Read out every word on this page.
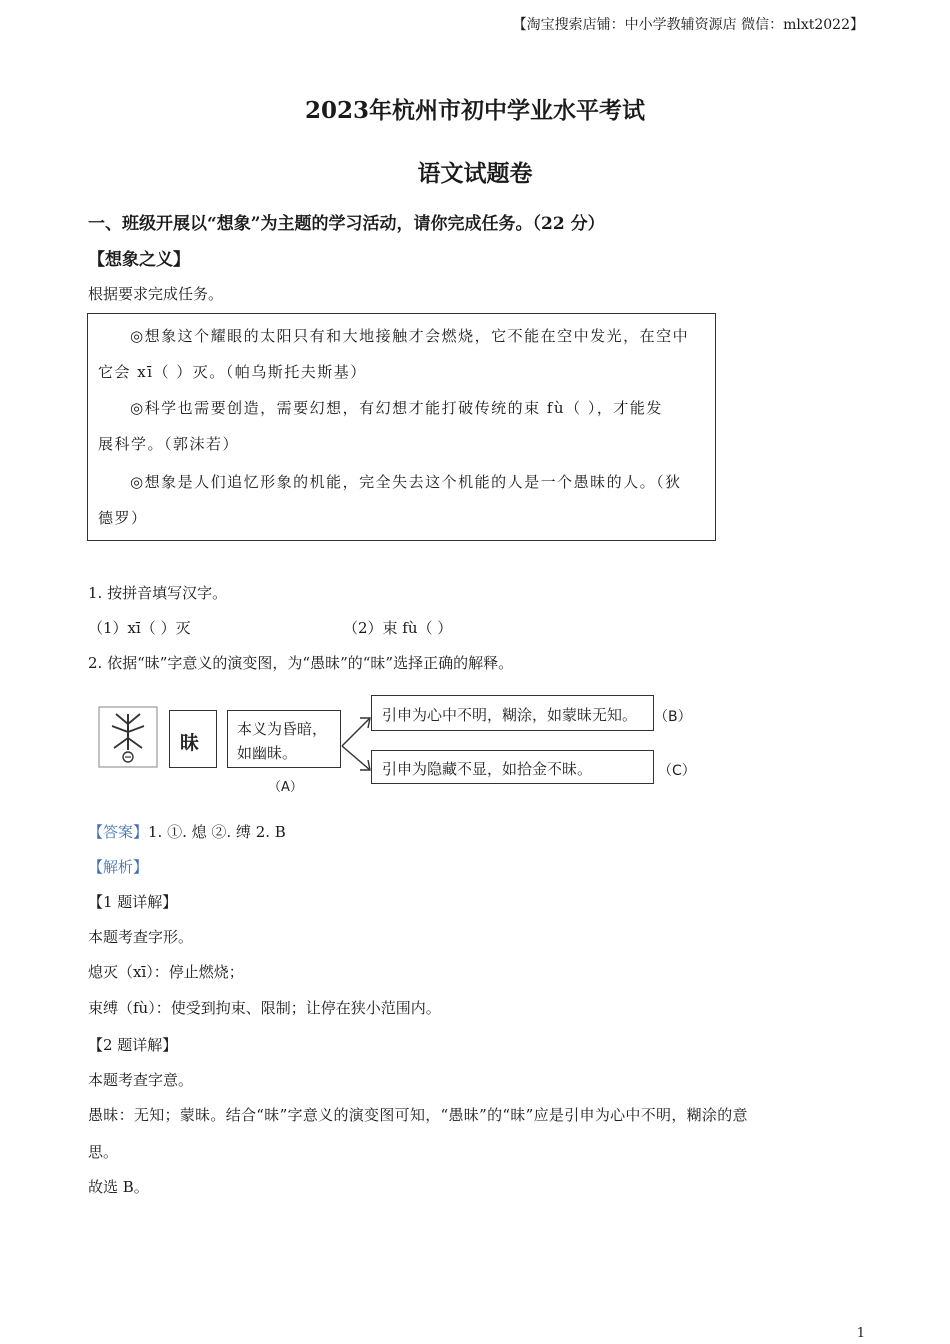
【淘宝搜索店铺：中小学教辅资源店 微信：mlxt2022】
2023年杭州市初中学业水平考试
语文试题卷
一、班级开展以“想象”为主题的学习活动，请你完成任务。（22 分）
【想象之义】
根据要求完成任务。
◎想象这个耀眼的太阳只有和大地接触才会燃烧，它不能在空中发光，在空中
它会 xī（ ）灭。（帕乌斯托夫斯基）
◎科学也需要创造，需要幻想，有幻想才能打破传统的束 fù（ ），才能发
展科学。（郭沫若）
◎想象是人们追忆形象的机能，完全失去这个机能的人是一个愚昧的人。（狄
德罗）
1. 按拼音填写汉字。
（1）xī（ ）灭	（2）束 fù（ ）
2. 依据“昧”字意义的演变图，为“愚昧”的“昧”选择正确的解释。
昧
本义为昏暗，
如幽昧。
（A）
引申为心中不明，糊涂，如蒙昧无知。 （B）
引申为隐藏不显，如拾金不昧。	（C）
【答案】1. ①. 熄 ②. 缚 2. B
【解析】
【1 题详解】
本题考查字形。
熄灭（xī）：停止燃烧；
束缚（fù）：使受到拘束、限制；让停在狭小范围内。
【2 题详解】
本题考查字意。
愚昧：无知；蒙昧。结合“昧”字意义的演变图可知，“愚昧”的“昧”应是引申为心中不明，糊涂的意
思。
故选 B。
1
